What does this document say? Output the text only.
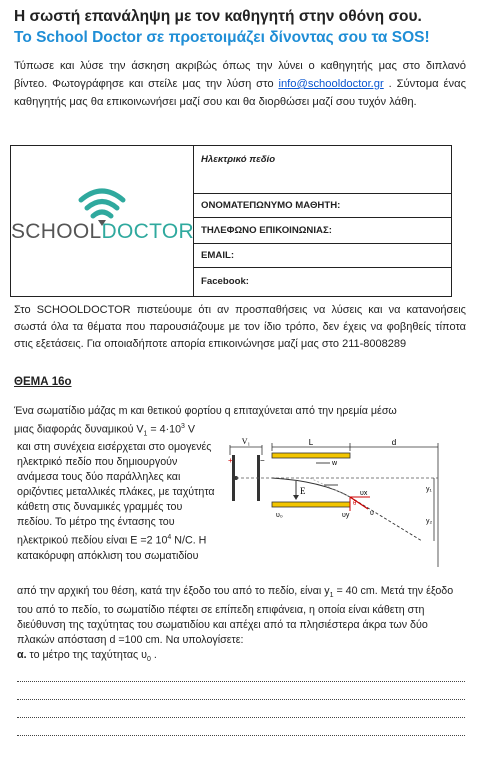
Η σωστή επανάληψη με τον καθηγητή στην οθόνη σου.
Το School Doctor σε προετοιμάζει δίνοντας σου τα SOS!
Τύπωσε και λύσε την άσκηση ακριβώς όπως την λύνει ο καθηγητής μας στο διπλανό βίντεο. Φωτογράφησε και στείλε μας την λύση στο info@schooldoctor.gr . Σύντομα ένας καθηγητής μας θα επικοινωνήσει μαζί σου και θα διορθώσει μαζί σου τυχόν λάθη.
SCHOOLDOCTOR
Ηλεκτρικό πεδίο
ΟΝΟΜΑΤΕΠΩΝΥΜΟ ΜΑΘΗΤΗ:
ΤΗΛΕΦΩΝΟ ΕΠΙΚΟΙΝΩΝΙΑΣ:
EMAIL:
Facebook:
Στο SCHOOLDOCTOR πιστεύουμε ότι αν προσπαθήσεις να λύσεις και να κατανοήσεις σωστά όλα τα θέματα που παρουσιάζουμε με τον ίδιο τρόπο, δεν έχεις να φοβηθείς τίποτα στις εξετάσεις. Για οποιαδήποτε απορία επικοινώνησε μαζί μας στο 211-8008289
ΘΕΜΑ 16ο
Ένα σωματίδιο μάζας m και θετικού φορτίου q επιταχύνεται από την ηρεμία μέσω
μιας διαφοράς δυναμικού $V_1 = 4\cdot 10^3$ V
και στη συνέχεια εισέρχεται στο ομογενές ηλεκτρικό πεδίο που δημιουργούν ανάμεσα τους δύο παράλληλες και οριζόντιες μεταλλικές πλάκες, με ταχύτητα κάθετη στις δυναμικές γραμμές του πεδίου. Το μέτρο της έντασης του ηλεκτρικού πεδίου είναι Ε =2 $10^4$ N/C. Η κατακόρυφη απόκλιση του σωματιδίου
V₁
+	−
L	d
E	υx
υy	υ
θ
w
υ₀
y₁
y₂
από την αρχική του θέση, κατά την έξοδο του από το πεδίο, είναι $y_1 = 40$ cm. Μετά την έξοδο του από το πεδίο, το σωματίδιο πέφτει σε επίπεδη επιφάνεια, η οποία είναι κάθετη στη διεύθυνση της ταχύτητας του σωματιδίου και απέχει από τα πλησιέστερα άκρα των δύο πλακών απόσταση d =100 cm. Να υπολογίσετε:
α. το μέτρο της ταχύτητας $\upsilon_0$ .
